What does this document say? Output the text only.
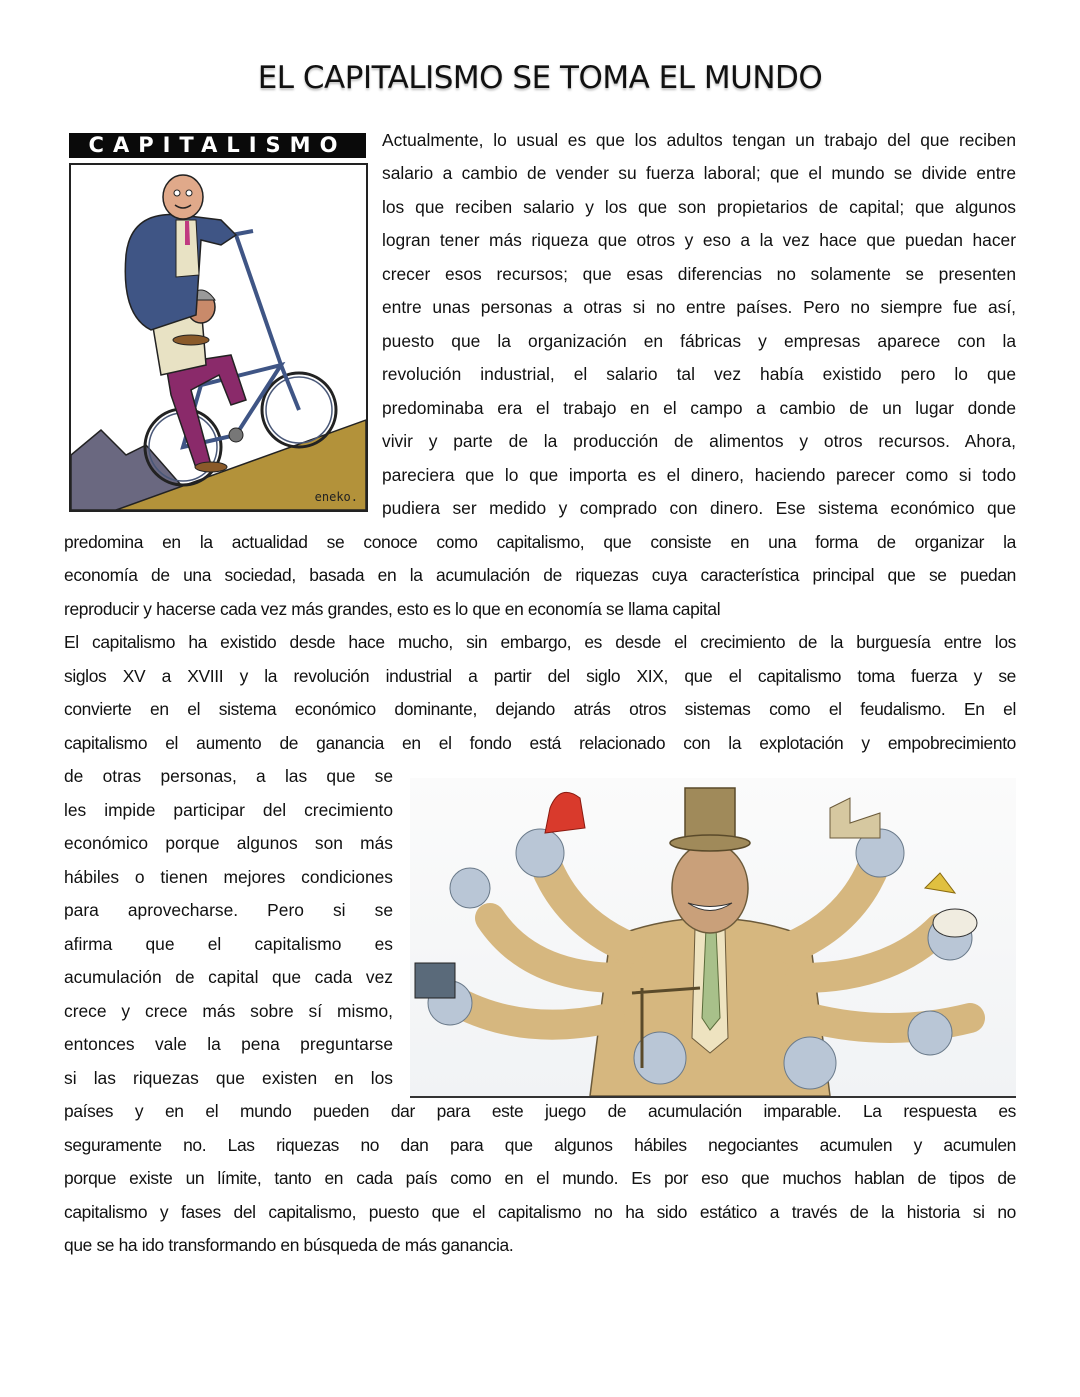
EL CAPITALISMO SE TOMA EL MUNDO
CAPITALISMO
eneko.
Actualmente, lo usual es que los adultos tengan un trabajo del que reciben
salario a cambio de vender su fuerza laboral; que el mundo se divide entre
los que reciben salario y los que son propietarios de capital; que algunos
logran tener más riqueza que otros y eso a la vez hace que puedan hacer
crecer esos recursos; que esas diferencias no solamente se presenten
entre unas personas a otras si no entre países. Pero no siempre fue así,
puesto que la organización en fábricas y empresas aparece con la
revolución industrial, el salario tal vez había existido pero lo que
predominaba era el trabajo en el campo a cambio de un lugar donde
vivir y parte de la producción de alimentos y otros recursos. Ahora,
pareciera que lo que importa es el dinero, haciendo parecer como si todo
pudiera ser medido y comprado con dinero. Ese sistema económico que
predomina en la actualidad se conoce como capitalismo, que consiste en una forma de organizar la
economía de una sociedad, basada en la acumulación de riquezas cuya característica principal que se puedan
reproducir y hacerse cada vez más grandes, esto es lo que en economía se llama capital
El capitalismo ha existido desde hace mucho, sin embargo, es desde el crecimiento de la burguesía entre los
siglos XV a XVIII y la revolución industrial a partir del siglo XIX, que el capitalismo toma fuerza y se
convierte en el sistema económico dominante, dejando atrás otros sistemas como el feudalismo. En el
capitalismo el aumento de ganancia en el fondo está relacionado con la explotación y empobrecimiento
de otras personas, a las que se
les impide participar del crecimiento
económico porque algunos son más
hábiles o tienen mejores condiciones
para aprovecharse. Pero si se
afirma que el capitalismo es
acumulación de capital que cada vez
crece y crece más sobre sí mismo,
entonces vale la pena preguntarse
si las riquezas que existen en los
países y en el mundo pueden dar para este juego de acumulación imparable. La respuesta es
seguramente no. Las riquezas no dan para que algunos hábiles negociantes acumulen y acumulen
porque existe un límite, tanto en cada país como en el mundo. Es por eso que muchos hablan de tipos de
capitalismo y fases del capitalismo, puesto que el capitalismo no ha sido estático a través de la historia si no
que se ha ido transformando en búsqueda de más ganancia.
